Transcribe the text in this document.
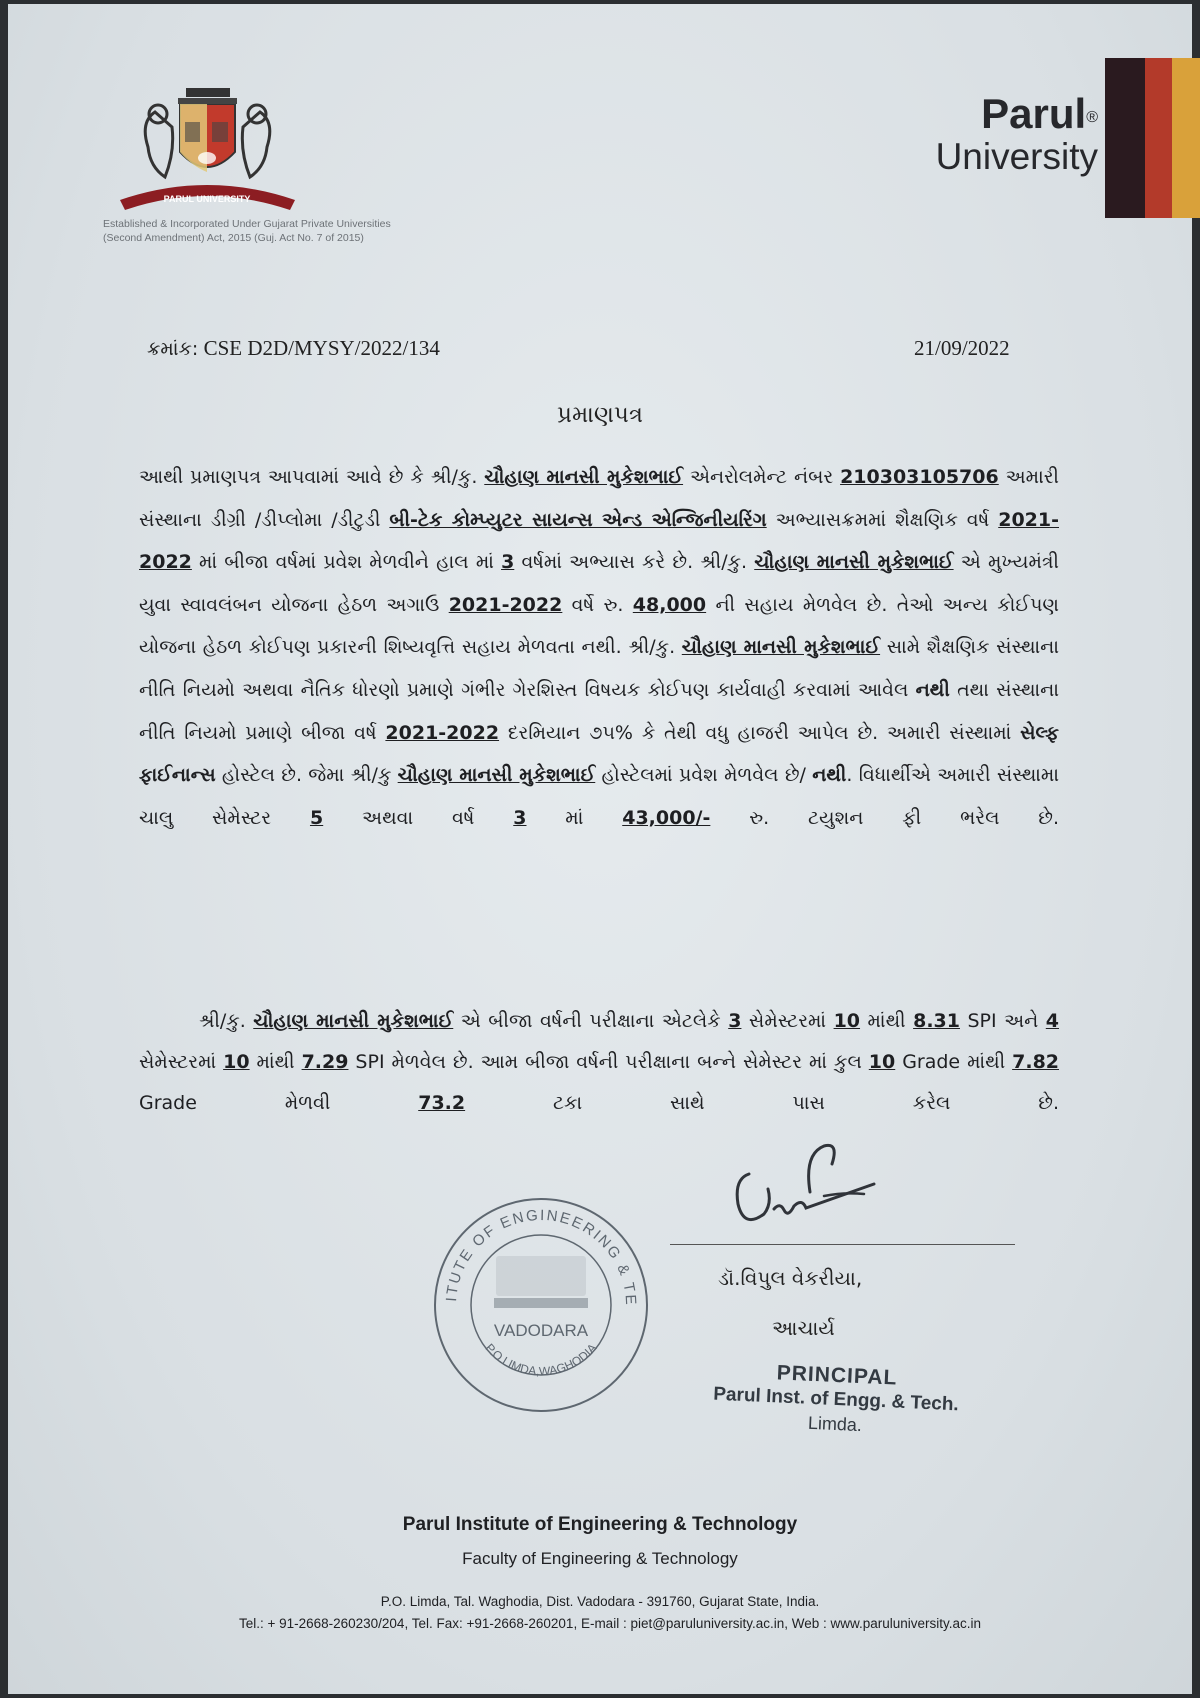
PARUL UNIVERSITY
Parul®
University
Established & Incorporated Under Gujarat Private Universities
(Second Amendment) Act, 2015 (Guj. Act No. 7 of 2015)
ક્રમાંક: CSE D2D/MYSY/2022/134	21/09/2022
પ્રમાણપત્ર
આથી પ્રમાણપત્ર આપવામાં આવે છે કે શ્રી/કુ. ચૌહાણ માનસી મુકેશભાઈ એનરોલમેન્ટ નંબર 210303105706 અમારી સંસ્થાના ડીગ્રી /ડીપ્લોમા /ડીટુડી બી-ટેક કોમ્પ્યુટર સાયન્સ એન્ડ એન્જિનીયરિંગ અભ્યાસક્રમમાં શૈક્ષણિક વર્ષ 2021-2022 માં બીજા વર્ષમાં પ્રવેશ મેળવીને હાલ માં 3 વર્ષમાં અભ્યાસ કરે છે. શ્રી/કુ. ચૌહાણ માનસી મુકેશભાઈ એ મુખ્યમંત્રી યુવા સ્વાવલંબન યોજના હેઠળ અગાઉ 2021-2022 વર્ષે રુ. 48,000 ની સહાય મેળવેલ છે. તેઓ અન્ય કોઈપણ યોજના હેઠળ કોઈપણ પ્રકારની શિષ્યવૃત્તિ સહાય મેળવતા નથી. શ્રી/કુ. ચૌહાણ માનસી મુકેશભાઈ સામે શૈક્ષણિક સંસ્થાના નીતિ નિયમો અથવા નૈતિક ધોરણો પ્રમાણે ગંભીર ગેરશિસ્ત વિષયક કોઈપણ કાર્યવાહી કરવામાં આવેલ નથી તથા સંસ્થાના નીતિ નિયમો પ્રમાણે બીજા વર્ષ 2021-2022 દરમિયાન ૭૫% કે તેથી વધુ હાજરી આપેલ છે. અમારી સંસ્થામાં સેલ્ફ ફાઈનાન્સ હોસ્ટેલ છે. જેમા શ્રી/કુ ચૌહાણ માનસી મુકેશભાઈ હોસ્ટેલમાં પ્રવેશ મેળવેલ છે/ નથી. વિધાર્થીએ અમારી સંસ્થામા ચાલુ સેમેસ્ટર 5 અથવા વર્ષ 3 માં 43,000/- રુ. ટયુશન ફી ભરેલ છે.
શ્રી/કુ. ચૌહાણ માનસી મુકેશભાઈ એ બીજા વર્ષની પરીક્ષાના એટલેકે 3 સેમેસ્ટરમાં 10 માંથી 8.31 SPI અને 4 સેમેસ્ટરમાં 10 માંથી 7.29 SPI મેળવેલ છે. આમ બીજા વર્ષની પરીક્ષાના બન્ને સેમેસ્ટર માં કુલ 10 Grade માંથી 7.82 Grade મેળવી 73.2 ટકા સાથે પાસ કરેલ છે.
ITUTE OF ENGINEERING & TE
P.O.LIMDA,WAGHODIA
VADODARA
ડૉ.વિપુલ વેકરીયા,
આચાર્ય
PRINCIPAL
Parul Inst. of Engg. & Tech.
Limda.
Parul Institute of Engineering & Technology
Faculty of Engineering & Technology
P.O. Limda, Tal. Waghodia, Dist. Vadodara - 391760, Gujarat State, India.
Tel.: + 91-2668-260230/204, Tel. Fax: +91-2668-260201, E-mail : piet@paruluniversity.ac.in, Web : www.paruluniversity.ac.in
